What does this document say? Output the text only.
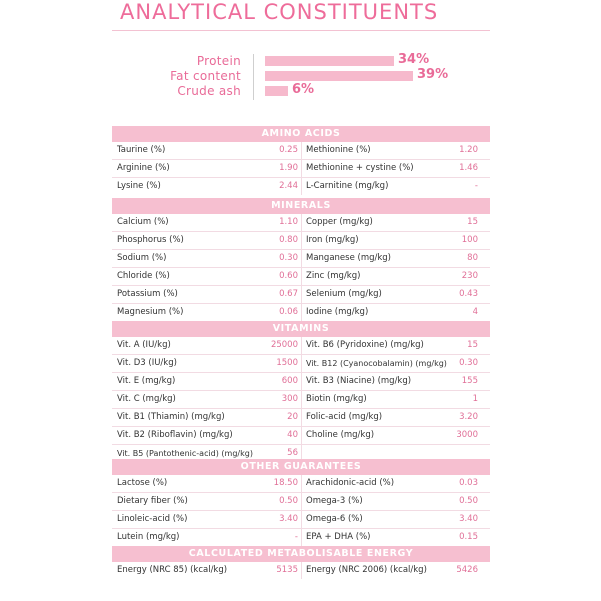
ANALYTICAL CONSTITUENTS
Protein	34%
Fat content	39%
Crude ash	6%
AMINO ACIDS
Taurine (%)	0.25 Methionine (%)	1.20
Arginine (%)	1.90 Methionine + cystine (%)	1.46
Lysine (%)	2.44 L-Carnitine (mg/kg)	-
MINERALS
Calcium (%)	1.10 Copper (mg/kg)	15
Phosphorus (%)	0.80 Iron (mg/kg)	100
Sodium (%)	0.30 Manganese (mg/kg)	80
Chloride (%)	0.60 Zinc (mg/kg)	230
Potassium (%)	0.67 Selenium (mg/kg)	0.43
Magnesium (%)	0.06 Iodine (mg/kg)	4
VITAMINS
Vit. A (IU/kg)	25000 Vit. B6 (Pyridoxine) (mg/kg)	15
Vit. D3 (IU/kg)	1500 Vit. B12 (Cyanocobalamin) (mg/kg)	0.30
Vit. E (mg/kg)	600 Vit. B3 (Niacine) (mg/kg)	155
Vit. C (mg/kg)	300 Biotin (mg/kg)	1
Vit. B1 (Thiamin) (mg/kg)	20 Folic-acid (mg/kg)	3.20
Vit. B2 (Riboflavin) (mg/kg)	40 Choline (mg/kg)	3000
Vit. B5 (Pantothenic-acid) (mg/kg)	56
OTHER GUARANTEES
Lactose (%)	18.50 Arachidonic-acid (%)	0.03
Dietary fiber (%)	0.50 Omega-3 (%)	0.50
Linoleic-acid (%)	3.40 Omega-6 (%)	3.40
Lutein (mg/kg)	- EPA + DHA (%)	0.15
CALCULATED METABOLISABLE ENERGY
Energy (NRC 85) (kcal/kg)	5135 Energy (NRC 2006) (kcal/kg)	5426
